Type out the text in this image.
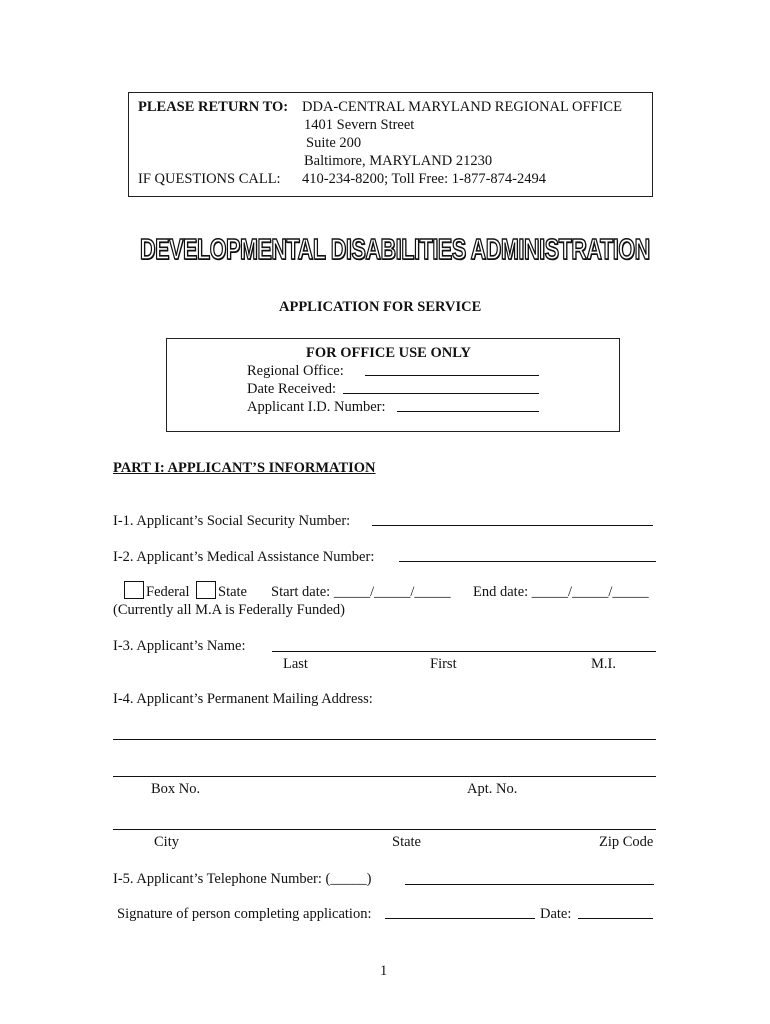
PLEASE RETURN TO: DDA-CENTRAL MARYLAND REGIONAL OFFICE
1401 Severn Street
Suite 200
Baltimore, MARYLAND 21230
IF QUESTIONS CALL: 410-234-8200; Toll Free: 1-877-874-2494
DEVELOPMENTAL DISABILITIES ADMINISTRATION
APPLICATION FOR SERVICE
FOR OFFICE USE ONLY
Regional Office:
Date Received:
Applicant I.D. Number:
PART I: APPLICANT’S INFORMATION
I-1. Applicant’s Social Security Number:
I-2. Applicant’s Medical Assistance Number:
Federal State Start date: _____/_____/_____ End date: _____/_____/_____
(Currently all M.A is Federally Funded)
I-3. Applicant’s Name:
Last	First	M.I.
I-4. Applicant’s Permanent Mailing Address:
Box No.	Apt. No.
City	State	Zip Code
I-5. Applicant’s Telephone Number: (_____)
Signature of person completing application:	Date:
1
